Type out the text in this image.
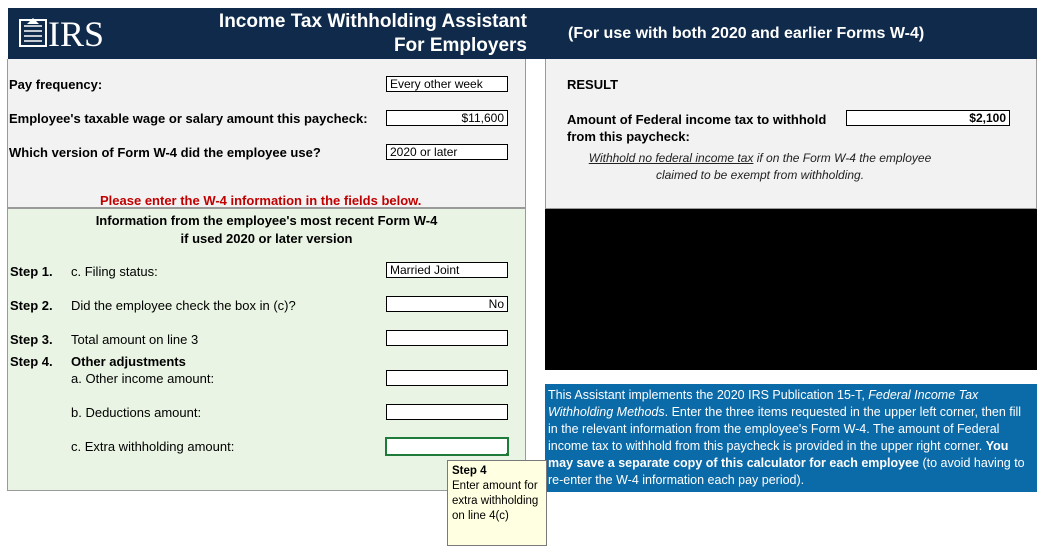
IRS	Income Tax Withholding Assistant
For Employers
(For use with both 2020 and earlier Forms W-4)
Pay frequency:	Every other week
Employee's taxable wage or salary amount this paycheck:	$11,600
Which version of Form W-4 did the employee use?	2020 or later
Please enter the W-4 information in the fields below.
Information from the employee's most recent Form W-4
if used 2020 or later version
Step 1. c. Filing status:	Married Joint
Step 2. Did the employee check the box in (c)?	No
Step 3. Total amount on line 3
Step 4. Other adjustments
a. Other income amount:
b. Deductions amount:
c. Extra withholding amount:
RESULT
Amount of Federal income tax to withhold
from this paycheck:
$2,100
Withhold no federal income tax if on the Form W-4 the employee
claimed to be exempt from withholding.
This Assistant implements the 2020 IRS Publication 15-T, Federal Income Tax Withholding Methods. Enter the three items requested in the upper left corner, then fill in the relevant information from the employee's Form W-4. The amount of Federal income tax to withhold from this paycheck is provided in the upper right corner. You may save a separate copy of this calculator for each employee (to avoid having to re-enter the W-4 information each pay period).
Step 4
Enter amount for extra withholding on line 4(c)
